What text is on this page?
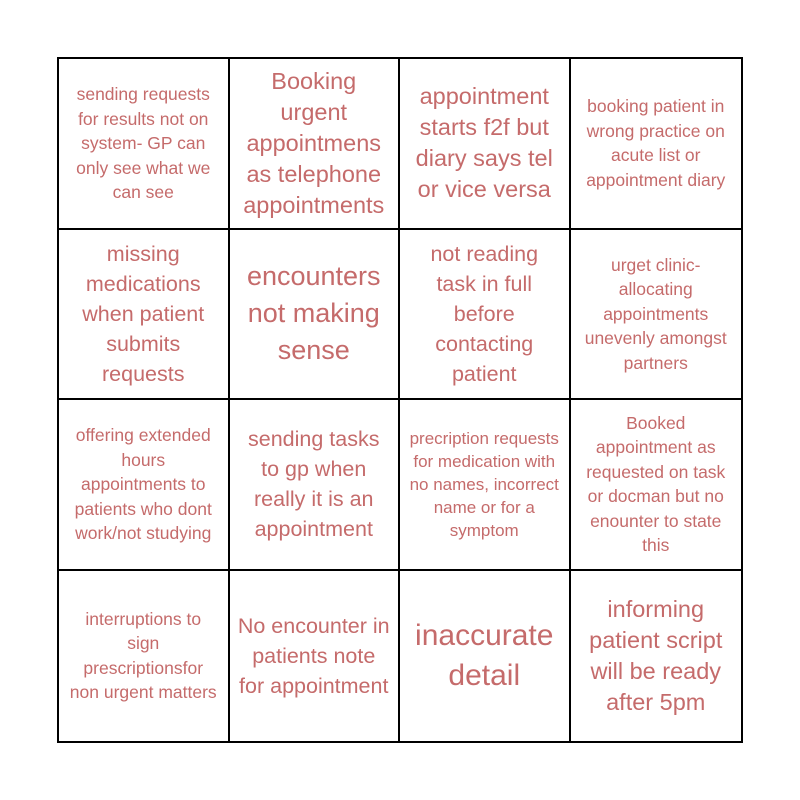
sending requests for results not on system- GP can only see what we can see
Booking urgent appointmens as telephone appointments
appointment starts f2f but diary says tel or vice versa
booking patient in wrong practice on acute list or appointment diary
missing medications when patient submits requests
encounters not making sense
not reading task in full before contacting patient
urget clinic- allocating appointments unevenly amongst partners
offering extended hours appointments to patients who dont work/not studying
sending tasks to gp when really it is an appointment
precription requests for medication with no names, incorrect name or for a symptom
Booked appointment as requested on task or docman but no enounter to state this
interruptions to sign prescriptionsfor non urgent matters
No encounter in patients note for appointment
inaccurate detail
informing patient script will be ready after 5pm
